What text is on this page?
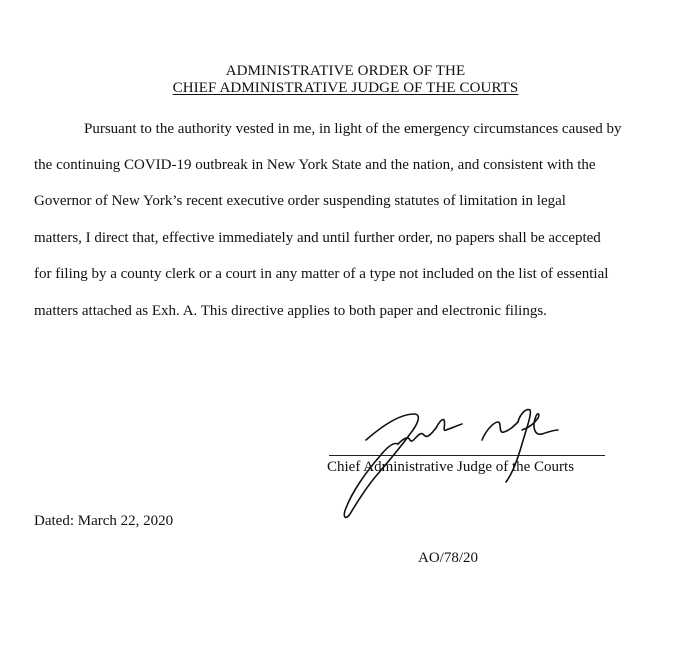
ADMINISTRATIVE ORDER OF THE
CHIEF ADMINISTRATIVE JUDGE OF THE COURTS
Pursuant to the authority vested in me, in light of the emergency circumstances caused by
the continuing COVID-19 outbreak in New York State and the nation, and consistent with the
Governor of New York’s recent executive order suspending statutes of limitation in legal
matters, I direct that, effective immediately and until further order, no papers shall be accepted
for filing by a county clerk or a court in any matter of a type not included on the list of essential
matters attached as Exh. A. This directive applies to both paper and electronic filings.
Chief Administrative Judge of the Courts
Dated: March 22, 2020
AO/78/20
